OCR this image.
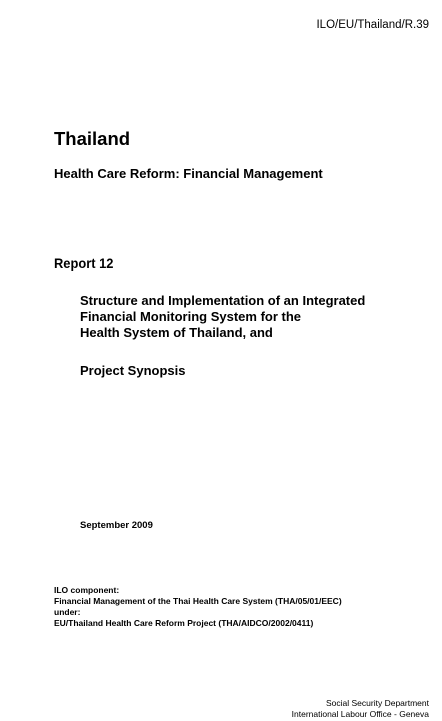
ILO/EU/Thailand/R.39
Thailand
Health Care Reform: Financial Management
Report 12
Structure and Implementation of an Integrated
Financial Monitoring System for the
Health System of Thailand, and
Project Synopsis
September 2009
ILO component:
Financial Management of the Thai Health Care System (THA/05/01/EEC)
under:
EU/Thailand Health Care Reform Project (THA/AIDCO/2002/0411)
Social Security Department
International Labour Office - Geneva
